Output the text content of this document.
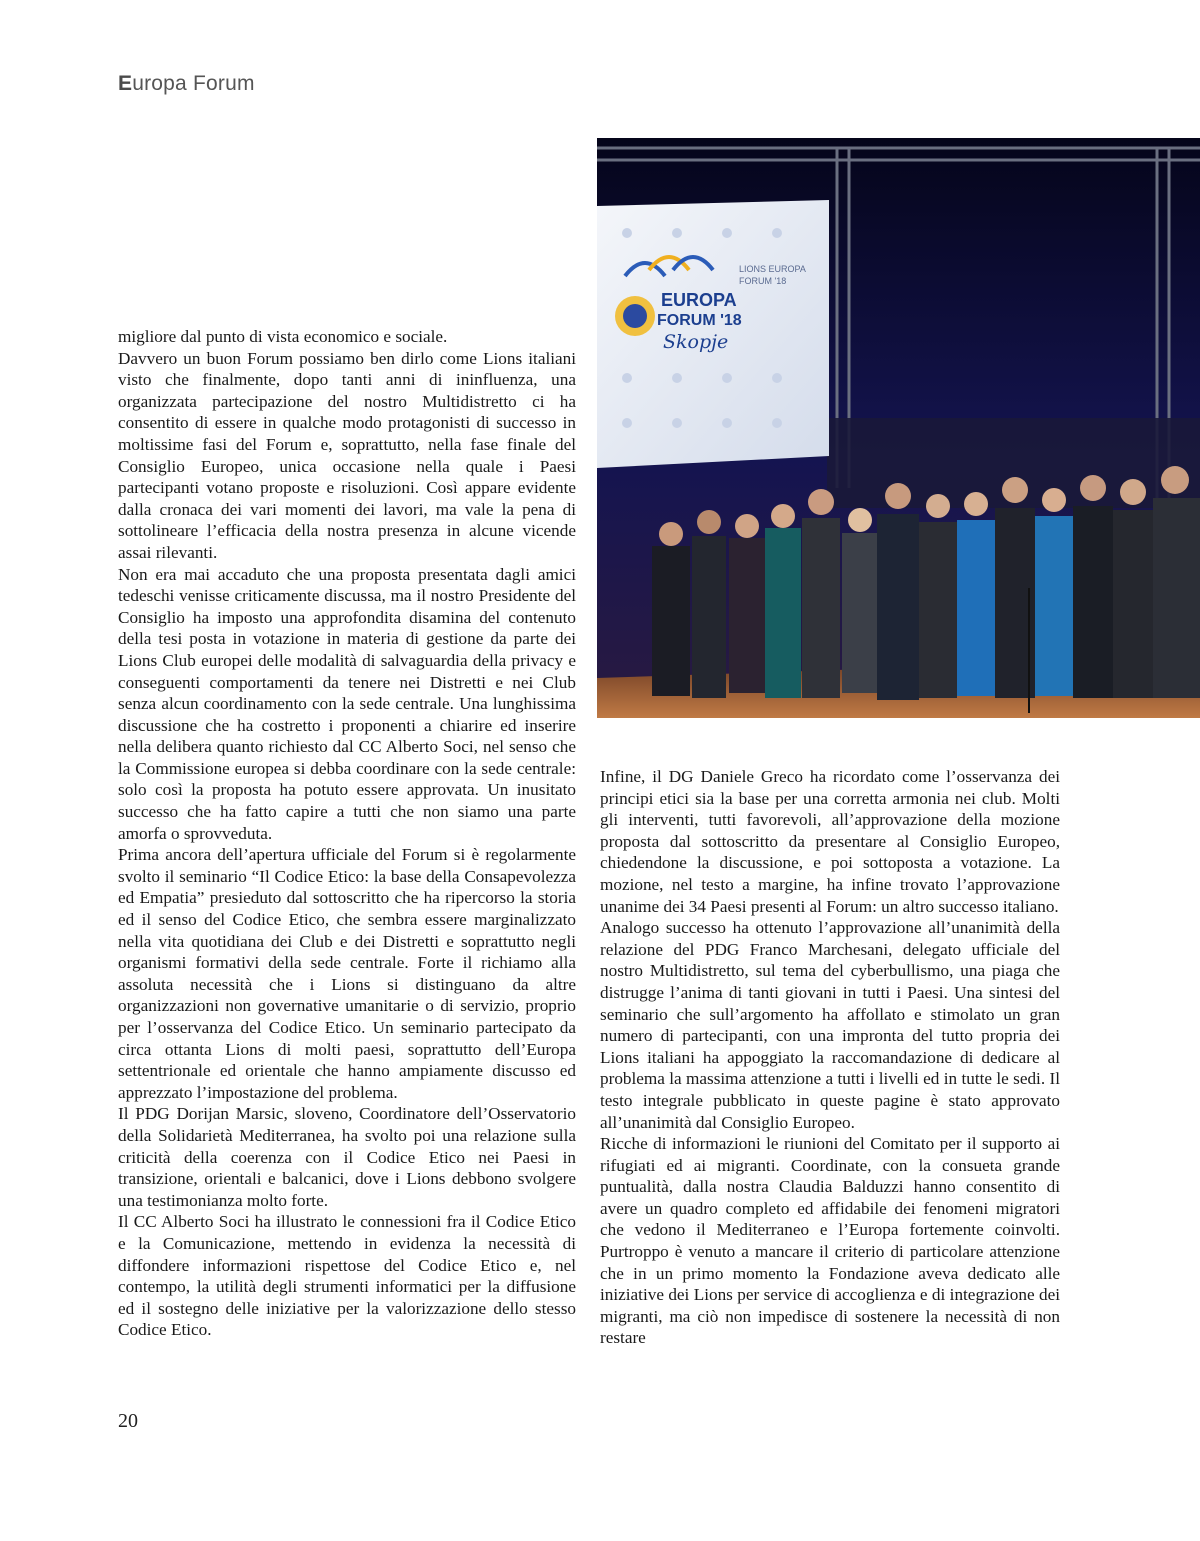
Europa Forum

migliore dal punto di vista economico e sociale.

Davvero un buon Forum possiamo ben dirlo come Lions italiani visto che finalmente, dopo tanti anni di ininfluenza, una organizzata partecipazione del nostro Multidistretto ci ha consentito di essere in qualche modo protagonisti di successo in moltissime fasi del Forum e, soprattutto, nella fase finale del Consiglio Europeo, unica occasione nella quale i Paesi partecipanti votano proposte e risoluzioni. Così appare evidente dalla cronaca dei vari momenti dei lavori, ma vale la pena di sottolineare l’efficacia della nostra presenza in alcune vicende assai rilevanti.

Non era mai accaduto che una proposta presentata dagli amici tedeschi venisse criticamente discussa, ma il nostro Presidente del Consiglio ha imposto una approfondita disamina del contenuto della tesi posta in votazione in materia di gestione da parte dei Lions Club europei delle modalità di salvaguardia della privacy e conseguenti comportamenti da tenere nei Distretti e nei Club senza alcun coordinamento con la sede centrale. Una lunghissima discussione che ha costretto i proponenti a chiarire ed inserire nella delibera quanto richiesto dal CC Alberto Soci, nel senso che la Commissione europea si debba coordinare con la sede centrale: solo così la proposta ha potuto essere approvata. Un inusitato successo che ha fatto capire a tutti che non siamo una parte amorfa o sprovveduta.

Prima ancora dell’apertura ufficiale del Forum si è regolarmente svolto il seminario “Il Codice Etico: la base della Consapevolezza ed Empatia” presieduto dal sottoscritto che ha ripercorso la storia ed il senso del Codice Etico, che sembra essere marginalizzato nella vita quotidiana dei Club e dei Distretti e soprattutto negli organismi formativi della sede centrale. Forte il richiamo alla assoluta necessità che i Lions si distinguano da altre organizzazioni non governative umanitarie o di servizio, proprio per l’osservanza del Codice Etico. Un seminario partecipato da circa ottanta Lions di molti paesi, soprattutto dell’Europa settentrionale ed orientale che hanno ampiamente discusso ed apprezzato l’impostazione del problema.

Il PDG Dorijan Marsic, sloveno, Coordinatore dell’Osservatorio della Solidarietà Mediterranea, ha svolto poi una relazione sulla criticità della coerenza con il Codice Etico nei Paesi in transizione, orientali e balcanici, dove i Lions debbono svolgere una testimonianza molto forte.

Il CC Alberto Soci ha illustrato le connessioni fra il Codice Etico e la Comunicazione, mettendo in evidenza la necessità di diffondere informazioni rispettose del Codice Etico e, nel contempo, la utilità degli strumenti informatici per la diffusione ed il sostegno delle iniziative per la valorizzazione dello stesso Codice Etico.

EUROPA
FORUM '18
Skopje
LIONS EUROPA
FORUM '18

Infine, il DG Daniele Greco ha ricordato come l’osservanza dei principi etici sia la base per una corretta armonia nei club. Molti gli interventi, tutti favorevoli, all’approvazione della mozione proposta dal sottoscritto da presentare al Consiglio Europeo, chiedendone la discussione, e poi sottoposta a votazione. La mozione, nel testo a margine, ha infine trovato l’approvazione unanime dei 34 Paesi presenti al Forum: un altro successo italiano.

Analogo successo ha ottenuto l’approvazione all’unanimità della relazione del PDG Franco Marchesani, delegato ufficiale del nostro Multidistretto, sul tema del cyberbullismo, una piaga che distrugge l’anima di tanti giovani in tutti i Paesi. Una sintesi del seminario che sull’argomento ha affollato e stimolato un gran numero di partecipanti, con una impronta del tutto propria dei Lions italiani ha appoggiato la raccomandazione di dedicare al problema la massima attenzione a tutti i livelli ed in tutte le sedi. Il testo integrale pubblicato in queste pagine è stato approvato all’unanimità dal Consiglio Europeo.

Ricche di informazioni le riunioni del Comitato per il supporto ai rifugiati ed ai migranti. Coordinate, con la consueta grande puntualità, dalla nostra Claudia Balduzzi hanno consentito di avere un quadro completo ed affidabile dei fenomeni migratori che vedono il Mediterraneo e l’Europa fortemente coinvolti. Purtroppo è venuto a mancare il criterio di particolare attenzione che in un primo momento la Fondazione aveva dedicato alle iniziative dei Lions per service di accoglienza e di integrazione dei migranti, ma ciò non impedisce di sostenere la necessità di non restare

20
